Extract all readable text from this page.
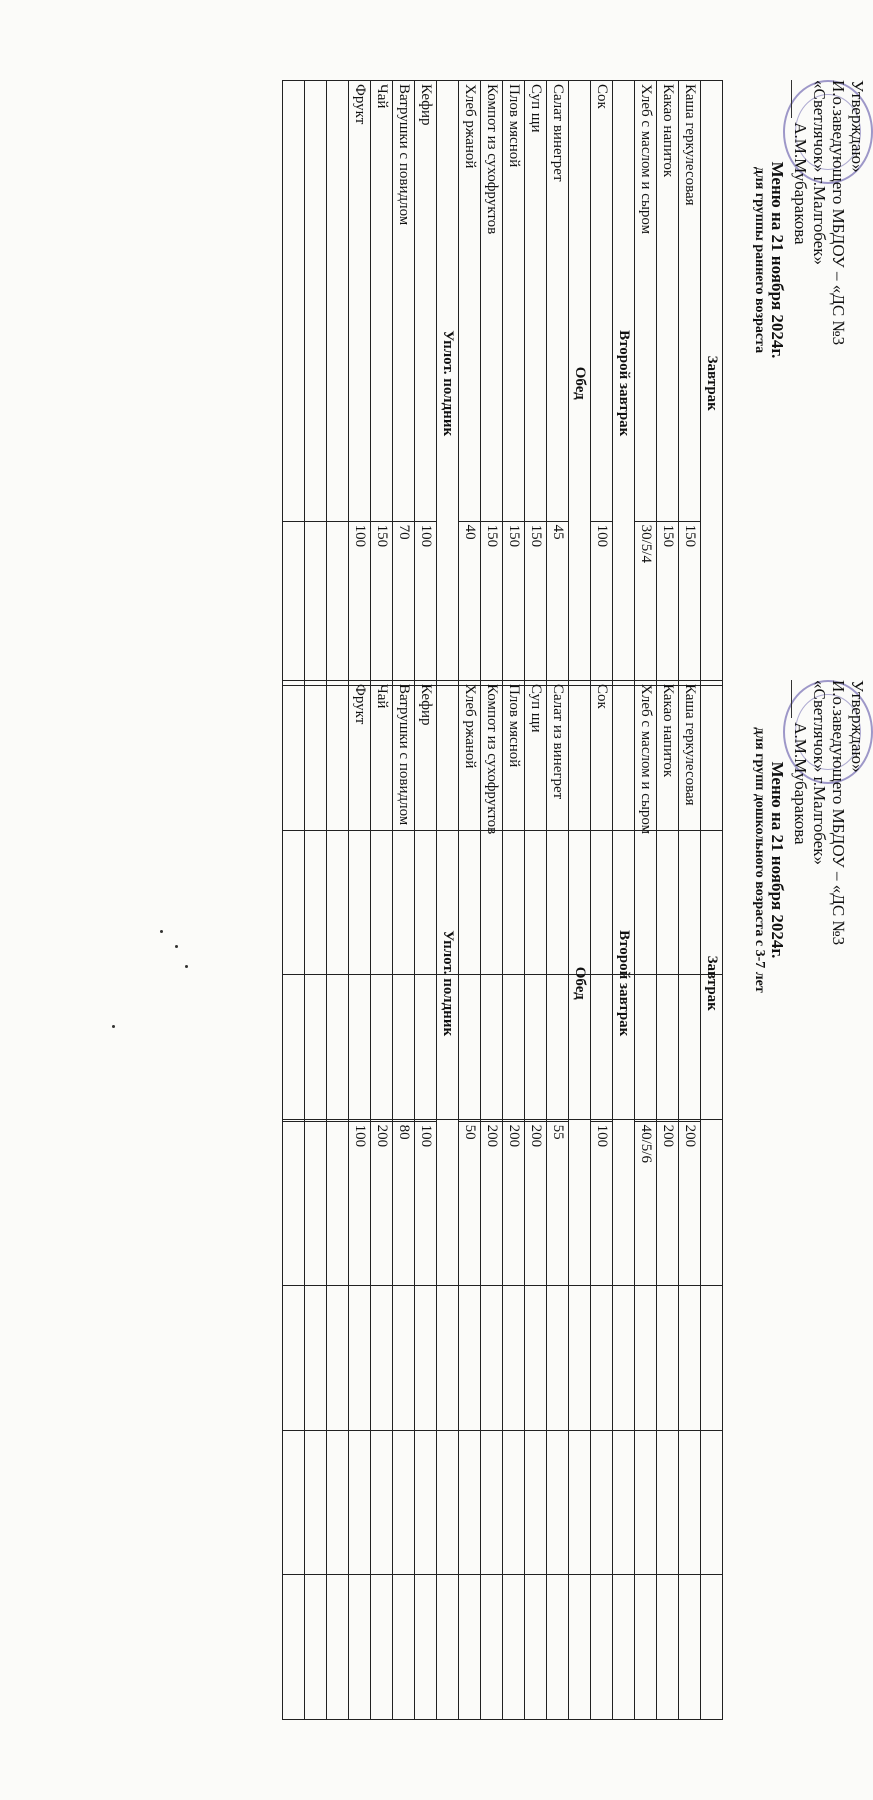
Утверждаю»
И.о.заведующего МБДОУ – «ДС №3
«Светлячок» г.Малгобек»
А.М.Мубаракова
Меню на 21 ноября 2024г.
для группы раннего возраста
Завтрак				
Каша геркулесовая	150			
Какао напиток	150			
Хлеб с маслом и сыром	30/5/4			
Второй завтрак				
Сок	100			
Обед				
Салат винегрет	45			
Суп щи	150			
Плов мясной	150			
Компот из сухофруктов	150			
Хлеб ржаной	40			
Уплот. полдник				
Кефир	100			
Ватрушки с повидлом	70			
Чай	150			
Фрукт	100			

Утверждаю»
И.о.заведующего МБДОУ – «ДС №3
«Светлячок» г.Малгобек»
А.М.Мубаракова
Меню на 21 ноября 2024г.
для групп дошкольного возраста с 3-7 лет
Завтрак				
Каша геркулесовая	200			
Какао напиток	200			
Хлеб с маслом и сыром	40/5/6			
Второй завтрак				
Сок	100			
Обед				
Салат из винегрет	55			
Суп щи	200			
Плов мясной	200			
Компот из сухофруктов	200			
Хлеб ржаной	50			
Уплот. полдник				
Кефир	100			
Ватрушки с повидлом	80			
Чай	200			
Фрукт	100			
